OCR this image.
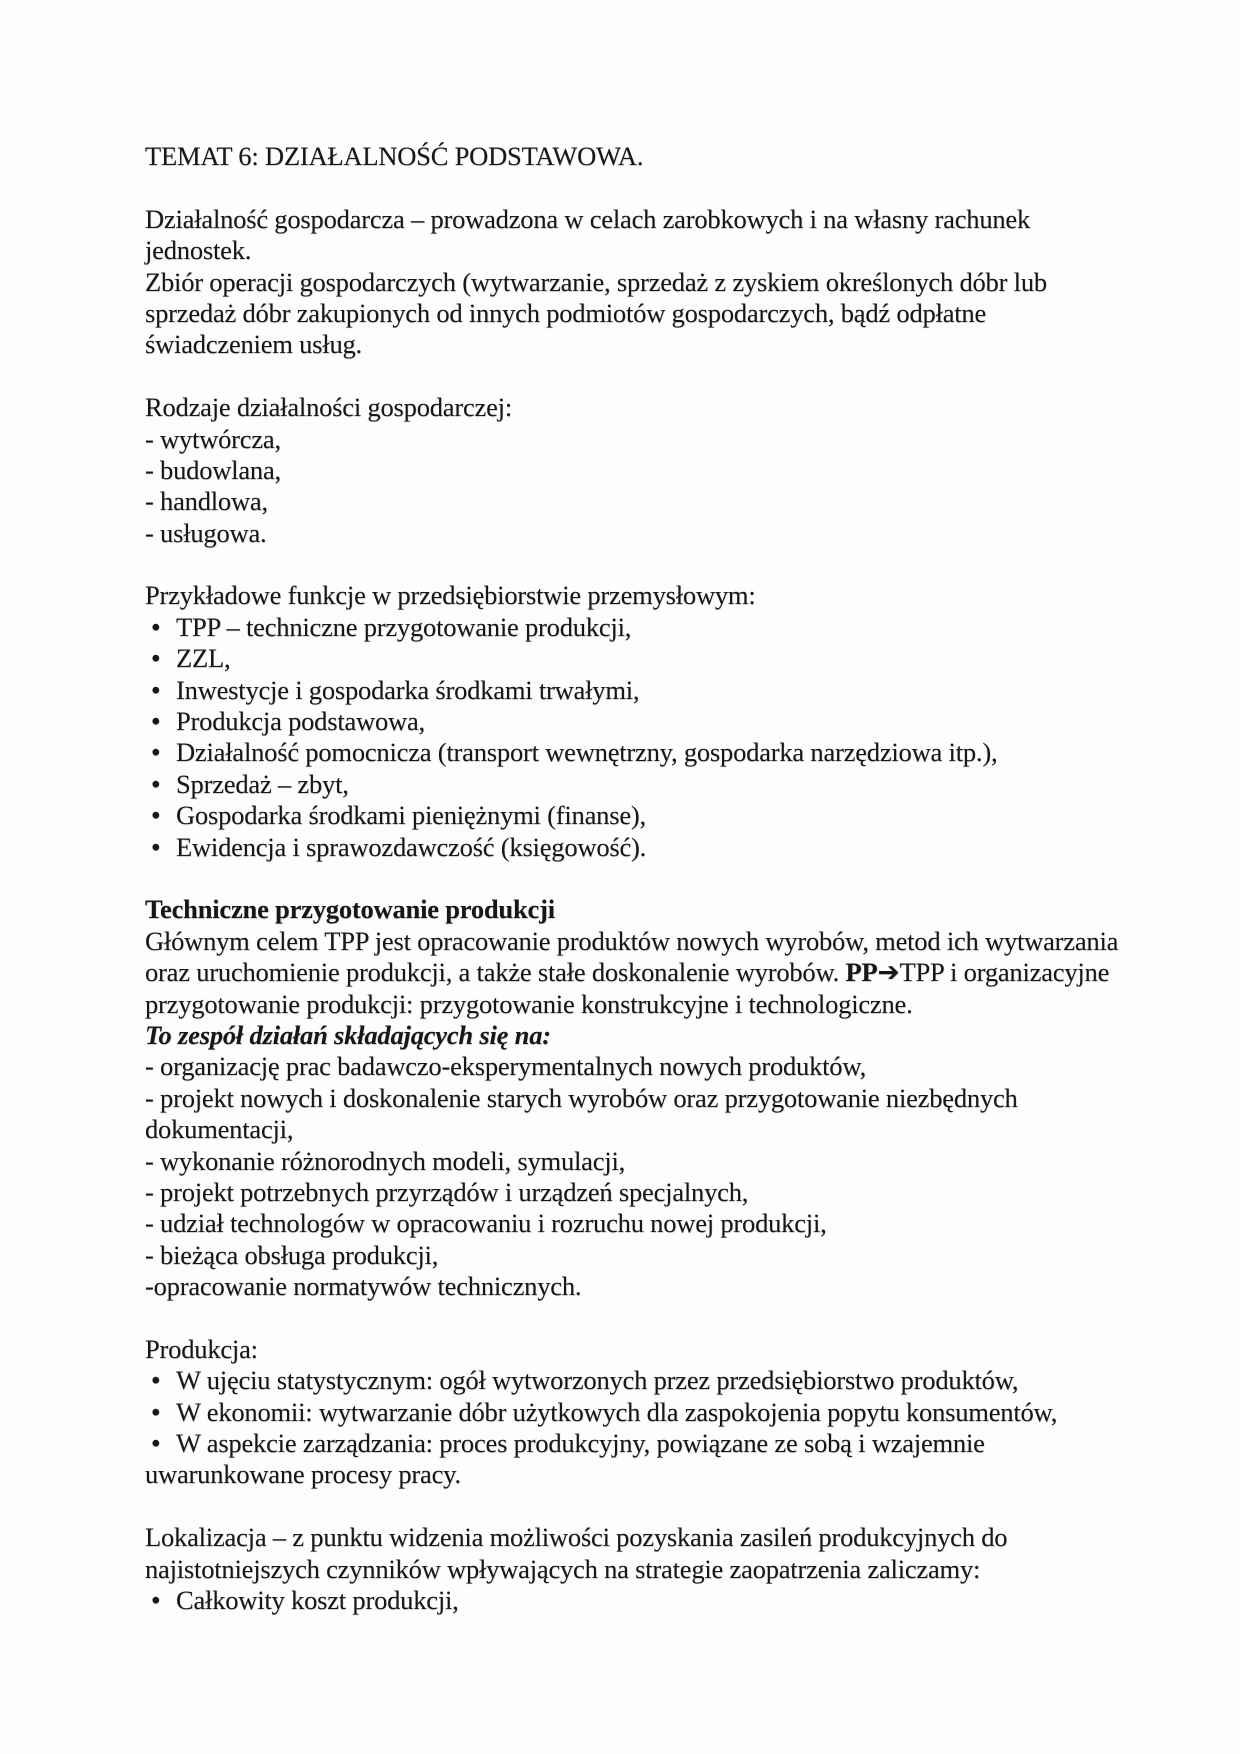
TEMAT 6: DZIAŁALNOŚĆ PODSTAWOWA.
Działalność gospodarcza – prowadzona w celach zarobkowych i na własny rachunek
jednostek.
Zbiór operacji gospodarczych (wytwarzanie, sprzedaż z zyskiem określonych dóbr lub
sprzedaż dóbr zakupionych od innych podmiotów gospodarczych, bądź odpłatne
świadczeniem usług.
Rodzaje działalności gospodarczej:
- wytwórcza,
- budowlana,
- handlowa,
- usługowa.
Przykładowe funkcje w przedsiębiorstwie przemysłowym:
• TPP – techniczne przygotowanie produkcji,
• ZZL,
• Inwestycje i gospodarka środkami trwałymi,
• Produkcja podstawowa,
• Działalność pomocnicza (transport wewnętrzny, gospodarka narzędziowa itp.),
• Sprzedaż – zbyt,
• Gospodarka środkami pieniężnymi (finanse),
• Ewidencja i sprawozdawczość (księgowość).
Techniczne przygotowanie produkcji
Głównym celem TPP jest opracowanie produktów nowych wyrobów, metod ich wytwarzania
oraz uruchomienie produkcji, a także stałe doskonalenie wyrobów. PP➔TPP i organizacyjne
przygotowanie produkcji: przygotowanie konstrukcyjne i technologiczne.
To zespół działań składających się na:
- organizację prac badawczo-eksperymentalnych nowych produktów,
- projekt nowych i doskonalenie starych wyrobów oraz przygotowanie niezbędnych
dokumentacji,
- wykonanie różnorodnych modeli, symulacji,
- projekt potrzebnych przyrządów i urządzeń specjalnych,
- udział technologów w opracowaniu i rozruchu nowej produkcji,
- bieżąca obsługa produkcji,
-opracowanie normatywów technicznych.
Produkcja:
• W ujęciu statystycznym: ogół wytworzonych przez przedsiębiorstwo produktów,
• W ekonomii: wytwarzanie dóbr użytkowych dla zaspokojenia popytu konsumentów,
• W aspekcie zarządzania: proces produkcyjny, powiązane ze sobą i wzajemnie
uwarunkowane procesy pracy.
Lokalizacja – z punktu widzenia możliwości pozyskania zasileń produkcyjnych do
najistotniejszych czynników wpływających na strategie zaopatrzenia zaliczamy:
• Całkowity koszt produkcji,
